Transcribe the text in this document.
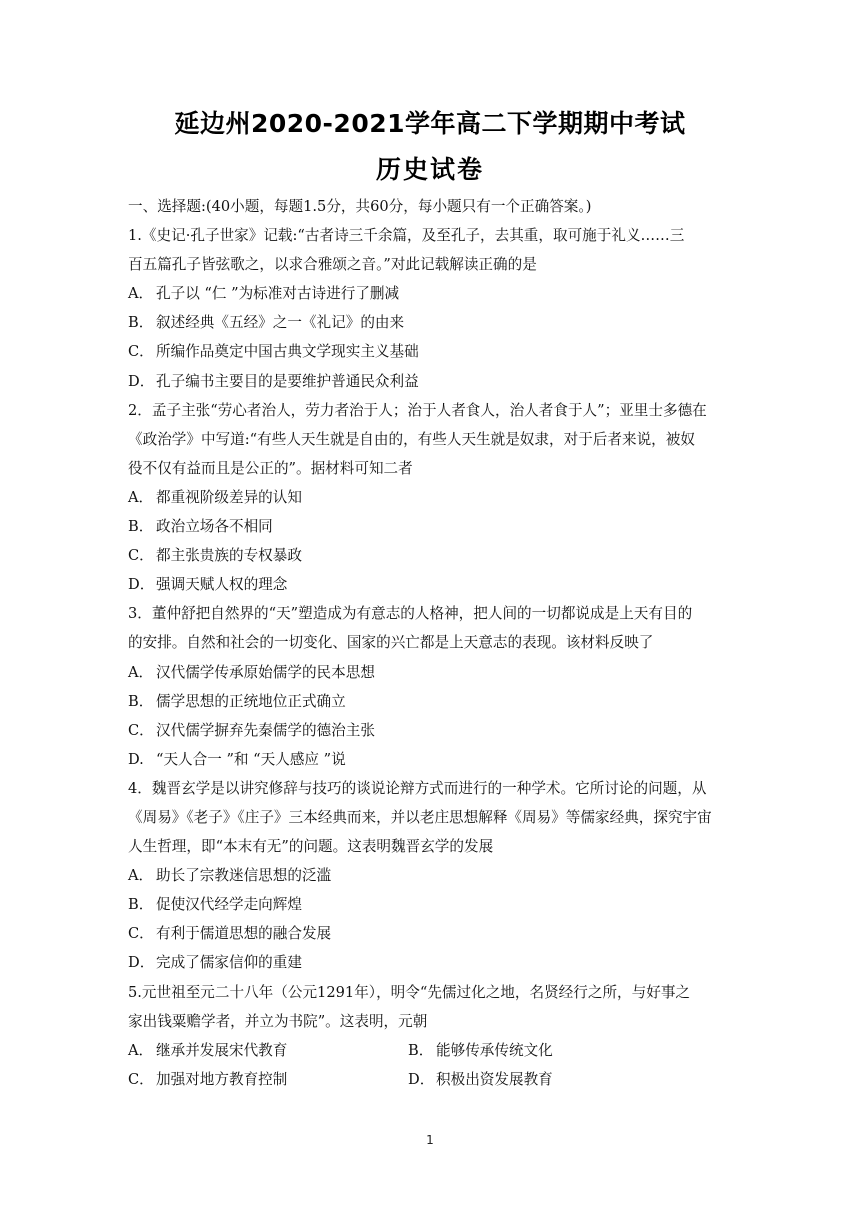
延边州2020-2021学年高二下学期期中考试
历史试卷
一、选择题:(40小题，每题1.5分，共60分，每小题只有一个正确答案。)
1.《史记·孔子世家》记载:“古者诗三千余篇，及至孔子，去其重，取可施于礼义……三
百五篇孔子皆弦歌之，以求合雅颂之音。”对此记载解读正确的是
A． 孔子以 “仁 ”为标准对古诗进行了删减
B． 叙述经典《五经》之一《礼记》的由来
C． 所编作品奠定中国古典文学现实主义基础
D． 孔子编书主要目的是要维护普通民众利益
2．孟子主张“劳心者治人，劳力者治于人；治于人者食人，治人者食于人”；亚里士多德在
《政治学》中写道:“有些人天生就是自由的，有些人天生就是奴隶，对于后者来说，被奴
役不仅有益而且是公正的”。据材料可知二者
A． 都重视阶级差异的认知
B． 政治立场各不相同
C． 都主张贵族的专权暴政
D． 强调天赋人权的理念
3．董仲舒把自然界的“天”塑造成为有意志的人格神，把人间的一切都说成是上天有目的
的安排。自然和社会的一切变化、国家的兴亡都是上天意志的表现。该材料反映了
A． 汉代儒学传承原始儒学的民本思想
B． 儒学思想的正统地位正式确立
C． 汉代儒学摒弃先秦儒学的德治主张
D. “天人合一 ”和 “天人感应 ”说
4．魏晋玄学是以讲究修辞与技巧的谈说论辩方式而进行的一种学术。它所讨论的问题，从
《周易》《老子》《庄子》三本经典而来，并以老庄思想解释《周易》等儒家经典，探究宇宙
人生哲理，即“本末有无”的问题。这表明魏晋玄学的发展
A． 助长了宗教迷信思想的泛滥
B． 促使汉代经学走向辉煌
C． 有利于儒道思想的融合发展
D． 完成了儒家信仰的重建
5.元世祖至元二十八年（公元1291年），明令“先儒过化之地，名贤经行之所，与好事之
家出钱粟赡学者，并立为书院”。这表明，元朝
A． 继承并发展宋代教育	B． 能够传承传统文化
C． 加强对地方教育控制	D． 积极出资发展教育
1
